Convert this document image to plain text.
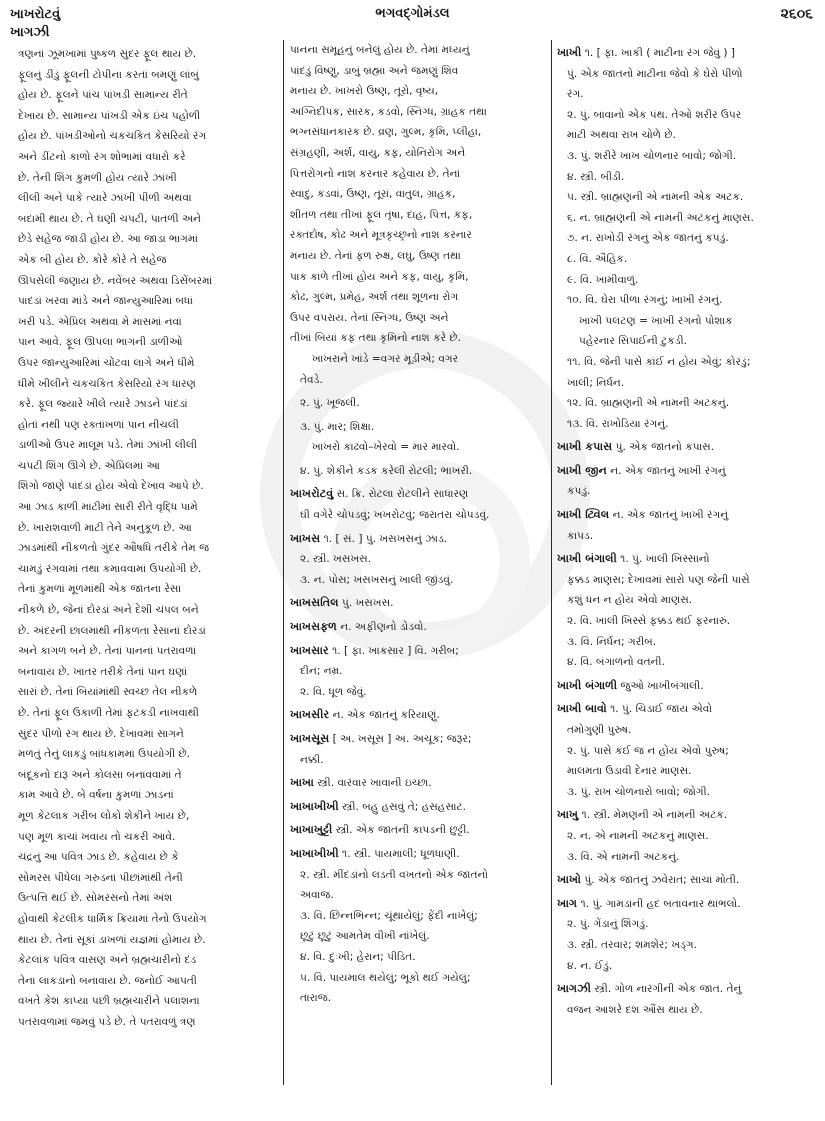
ખાખરોટવું
ખાગઝી
ભગવદ્ગોમંડલ	૨૬૦૬
ત્રણનાં ઝૂમખામાં પુષ્કળ સુંદર ફૂલ થાય છે.
ફૂલનું ડીંડું ફૂલની ટોપીના કરતાં બમણું લાંબું
હોય છે. ફૂલને પાંચ પાંખડી સામાન્ય રીતે
દેખાય છે. સામાન્ય પાંખડી એક ઇંચ પહોળી
હોય છે. પાંખડીઓનો ચકચકિત કેસરિયો રંગ
અને ડીંટનો કાળો રંગ શોભામાં વધારો કરે
છે. તેની શિંગ કુમળી હોય ત્યારે ઝાંખી
લીલી અને પાકે ત્યારે ઝાંખી પીળી અથવા
બદામી થાય છે. તે ઘણી ચપટી, પાતળી અને
છેડે સહેજ જાડી હોય છે. આ જાડા ભાગમાં
એક બી હોય છે. કોરે કોરે તે સહેજ
ઊપસેલી જણાય છે. નવેંબર અથવા ડિસેંબરમાં
પાદડાં ખરવા માંડે અને જાન્યુઆરિમાં બધાં
ખરી પડે. એપ્રિલ અથવા મે માસમાં નવાં
પાન આવે. ફૂલ ઊપલા ભાગની ડાળીઓ
ઉપર જાન્યુઆરિમાં ચોંટવા લાગે અને ધીમે
ધીમે ખીલીને ચકચકિત કેસરિયો રંગ ધારણ
કરે. ફૂલ જ્યારે ખીલે ત્યારે ઝાડને પાંદડાં
હોતાં નથી પણ રક્તાંખળાં પાન નીચલી
ડાળીઓ ઉપર માલૂમ પડે. તેમાં ઝાંખી લીલી
ચપટી શિંગ ઊગે છે. એપ્રિલમાં આ
શિંગો જાણે પાંદડાં હોય એવો દેખાવ આપે છે.
આ ઝાડ કાળી માટીમાં સારી રીતે વૃદ્ધિ પામે
છે. ખારાશવાળી માટી તેને અનુકૂળ છે. આ
ઝાડમાંથી નીકળતો ગુંદર ઔષધિ તરીકે તેમ જ
ચામડું રંગવામાં તથા કમાવવામાં ઉપયોગી છે.
તેનાં કુમળાં મૂળમાંથી એક જાતના રેસા
નીકળે છે, જેનાં દોરડાં અને દેશી ચંપલ બને
છે. અંદરની છાલમાંથી નીકળતા રેસાનાં દોરડાં
અને કાગળ બને છે. તેનાં પાનનાં પતરાવળાં
બનાવાય છે. ખાતર તરીકે તેનાં પાન ઘણાં
સારાં છે. તેનાં બિયાંમાંથી સ્વચ્છ તેલ નીકળે
છે. તેનાં ફૂલ ઉકાળી તેમાં ફટકડી નાખવાથી
સુંદર પીળો રંગ થાય છે. દેખાવમાં સાગને
મળતું તેનું લાકડું બાંધકામમાં ઉપયોગી છે.
બંદૂકનો દારૂ અને કોલસા બનાવવામાં તે
કામ આવે છે. બે વર્ષના કુમળાં ઝાડનાં
મૂળ કેટલાક ગરીબ લોકો શેકીને ખાય છે,
પણ મૂળ કાચાં ખવાય તો ચકરી આવે.
ચંદ્રનું આ પવિત્ર ઝાડ છે. કહેવાય છે કે
સોમરસ પીધેલા ગરુડનાં પીછાંમાંથી તેની
ઉત્પત્તિ થઈ છે. સોમરસનો તેમાં અંશ
હોવાથી કેટલીક ધાર્મિક ક્રિયામાં તેનો ઉપયોગ
થાય છે. તેનાં સૂકાં ડાખળાં યજ્ઞમાં હોમાય છે.
કેટલાંક પવિત્ર વાસણ અને બ્રહ્મચારીનો દંડ
તેના લાકડાનો બનાવાય છે. જનોઈ આપતી
વખતે કેશ કાપ્યા પછી બ્રહ્મચારીને પલાશના
પતરાવળામાં જમવું પડે છે. તે પતરાવળું ત્રણ
પાનના સમૂહનું બનેલું હોય છે. તેમાં મધ્યનું
પાંદડું વિષ્ણુ, ડાબું બ્રહ્મા અને જમણું શિવ
મનાય છે. ખાખરો ઉષ્ણ, તૂરો, વૃષ્ય,
અગ્નિદીપક, સારક, કડવો, સ્નિગ્ધ, ગ્રાહક તથા
ભગ્નસંધાનકારક છે. વ્રણ, ગુલ્મ, કૃમિ, પ્લીહા,
સંગ્રહણી, અર્શ, વાયુ, કફ, યોનિરોગ અને
પિત્તરોગનો નાશ કરનાર કહેવાય છે. તેનાં
સ્વાદુ, કડવાં, ઉષ્ણ, તૂરાં, વાતુલ, ગ્રાહક,
શીતળ તથા તીખાં ફૂલ તૃષા, દાહ, પિત્ત, કફ,
રક્તદોષ, કોઢ અને મૂત્રકૃચ્છ્રનો નાશ કરનાર
મનાય છે. તેનાં ફળ રુક્ષ, લઘુ, ઉષ્ણ તથા
પાક કાળે તીખાં હોય અને કફ, વાયુ, કૃમિ,
કોઢ, ગુલ્મ, પ્રમેહ, અર્શ તથા શૂળના રોગ
ઉપર વપરાય. તેનાં સ્નિગ્ધ, ઉષ્ણ અને
તીખાં બિયાં કફ તથા કૃમિનો નાશ કરે છે.
ખાખરાને ખાંડે =વગર મૂડીએ; વગર
તેવડે.
૨. પું. ખૂજલી.
૩. પું. માર; શિક્ષા.
ખાખરો કાઢવો–ખેરવો = માર મારવો.
૪. પું. શેકીને કડક કરેલી રોટલી; ભાખરી.
ખાખરોટવું સ. ક્રિ. રોટલા રોટલીને સાધારણ
ઘી વગેરે ચોપડવું; ખખરોટવું; જરાતરા ચોપડવું.
ખાખસ ૧. [ સં. ] પું. ખસખસનું ઝાડ.
૨. સ્ત્રી. ખસખસ.
૩. ન. પોસ; ખસખસનું ખાલી જીંડવું.
ખાખસતિલ પું. ખસખસ.
ખાખસફળ ન. અફીણનો ડોડવો.
ખાખસાર ૧. [ ફા. ખાકસાર ] વિ. ગરીબ;
દીન; નમ્ર.
૨. વિ. ધૂળ જેવું.
ખાખસીર ન. એક જાતનું કરિયાણું.
ખાખસૂસ [ અ. ખસૂસ ] અ. અચૂક; જરૂર;
નક્કી.
ખાખા સ્ત્રી. વારંવાર ખાવાની ઇચ્છા.
ખાખાખીખી સ્ત્રી. બહુ હસવું તે; હસહસાટ.
ખાખાખુટ્ટી સ્ત્રી. એક જાતની કાપડની છુટ્ટી.
ખાખાખીખી ૧. સ્ત્રી. પાયમાલી; ધૂળધાણી.
૨. સ્ત્રી. મીંદડાંનો લડતી વખતનો એક જાતનો
અવાજ.
૩. વિ. છિન્નભિન્ન; ચૂંથાયેલું; ફેંદી નાખેલું;
છૂટું છૂટું આમતેમ વીખી નાંખેલું.
૪. વિ. દુઃખી; હેરાન; પીડિત.
૫. વિ. પાયમાલ થયેલું; ભૂકો થઈ ગયેલું;
તારાજ.
ખાખી ૧. [ ફા. ખાકી ( માટીના રંગ જેવું ) ]
પું. એક જાતનો માટીના જેવો કે ઘેરો પીળો
રંગ.
૨. પું. બાવાનો એક પંથ. તેઓ શરીર ઉપર
માટી અથવા રાખ ચોળે છે.
૩. પું. શરીરે ખાખ ચોળનાર બાવો; જોગી.
૪. સ્ત્રી. બીડી.
૫. સ્ત્રી. બ્રાહ્મણની એ નામની એક અટક.
૬. ન. બ્રાહ્મણની એ નામની અટકનું માણસ.
૭. ન. રાખોડી રંગનું એક જાતનું કપડું.
૮. વિ. ઐહિક.
૯. વિ. ખામીવાળું.
૧૦. વિ. ઘેરા પીળા રંગનું; ખાખી રંગનું.
ખાખી પલટણ = ખાખી રંગનો પોશાક
પહેરનાર સિપાઈની ટુકડી.
૧૧. વિ. જેની પાસે કાંઈ ન હોય એવું; કોરડું;
ખાલી; નિર્ધન.
૧૨. વિ. બ્રાહ્મણની એ નામની અટકનું.
૧૩. વિ. રાખોડિયા રંગનું.
ખાખી કપાસ પું. એક જાતનો કપાસ.
ખાખી જીન ન. એક જાતનું ખાખી રંગનું
કપડું.
ખાખી ટ્વિલ ન. એક જાતનું ખાખી રંગનું
કાપડ.
ખાખી બંગાલી ૧. પું. ખાલી ખિસ્સાનો
ફક્કડ માણસ; દેખાવમાં સારો પણ જેની પાસે
કશું ધન ન હોય એવો માણસ.
૨. વિ. ખાલી ખિસ્સે ફક્કડ થઈ ફરનારું.
૩. વિ. નિર્ધન; ગરીબ.
૪. વિ. બંગાળનો વતની.
ખાખી બંગાળી જુઓ ખાખીબંગાલી.
ખાખી બાવો ૧. પું. ચિડાઈ જાય એવો
તમોગુણી પુરુષ.
૨. પું. પાસે કંઈ જ ન હોય એવો પુરુષ;
માલમતા ઉડાવી દેનાર માણસ.
૩. પું. રાખ ચોળનારો બાવો; જોગી.
ખાખુ ૧. સ્ત્રી. મેમણની એ નામની અટક.
૨. ન. એ નામની અટકનું માણસ.
૩. વિ. એ નામની અટકનું.
ખાખો પું. એક જાતનું ઝવેરાત; સાચાં મોતી.
ખાગ ૧. પું. ગામડાની હદ બતાવનાર થાંભલો.
૨. પું. ગેંડાનું શિંગડું.
૩. સ્ત્રી. તરવાર; શમશેર; ખડ્ગ.
૪. ન. ઈંડું.
ખાગઝી સ્ત્રી. ગોળ નારંગીની એક જાત. તેનું
વજન આશરે દશ ઔંસ થાય છે.
